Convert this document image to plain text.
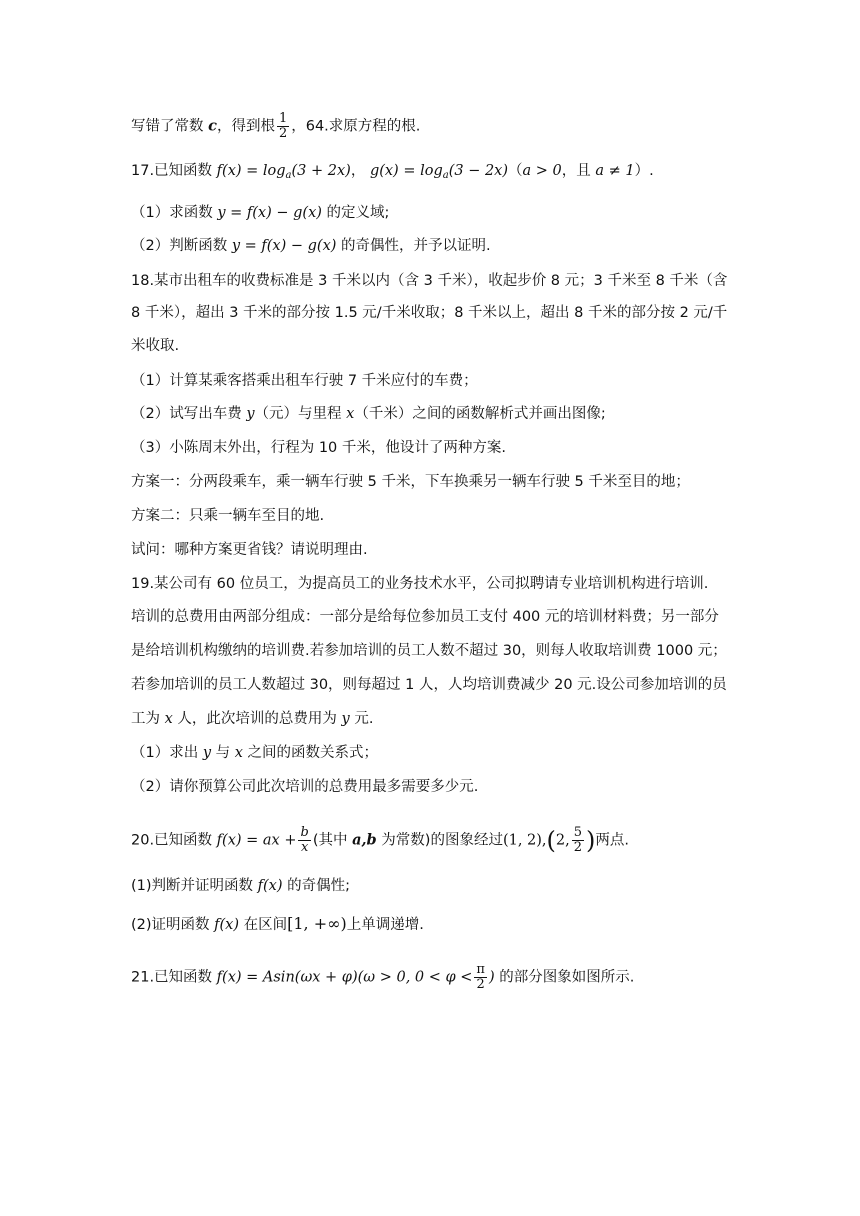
写错了常数 c，得到根 $\frac{1}{2}$ ，64.求原方程的根.
17.已知函数 $f(x) = \log_a(3 + 2x)$， $g(x) = \log_a(3 - 2x)(a > 0$，且 a ≠ 1）.
（1）求函数 y = f(x) − g(x) 的定义域;
（2）判断函数 y = f(x) − g(x) 的奇偶性，并予以证明.
18.某市出租车的收费标准是 3 千米以内（含 3 千米），收起步价 8 元；3 千米至 8 千米（含
8 千米），超出 3 千米的部分按 1.5 元/千米收取；8 千米以上，超出 8 千米的部分按 2 元/千
米收取.
（1）计算某乘客搭乘出租车行驶 7 千米应付的车费；
（2）试写出车费 y（元）与里程 x（千米）之间的函数解析式并画出图像;
（3）小陈周末外出，行程为 10 千米，他设计了两种方案.
方案一：分两段乘车，乘一辆车行驶 5 千米，下车换乘另一辆车行驶 5 千米至目的地；
方案二：只乘一辆车至目的地.
试问：哪种方案更省钱？请说明理由.
19.某公司有 60 位员工，为提高员工的业务技术水平，公司拟聘请专业培训机构进行培训.
培训的总费用由两部分组成：一部分是给每位参加员工支付 400 元的培训材料费；另一部分
是给培训机构缴纳的培训费.若参加培训的员工人数不超过 30，则每人收取培训费 1000 元；
若参加培训的员工人数超过 30，则每超过 1 人，人均培训费减少 20 元.设公司参加培训的员
工为 x 人，此次培训的总费用为 y 元.
（1）求出 y 与 x 之间的函数关系式；
（2）请你预算公司此次培训的总费用最多需要多少元.
20.已知函数 f(x) = ax + $\frac{b}{x}$ (其中 a,b 为常数)的图象经过(1, 2),(2, $\frac{5}{2}$ )两点.
(1)判断并证明函数 f(x) 的奇偶性;
(2)证明函数 f(x) 在区间[1, +∞)上单调递增.
21.已知函数 f(x) = Asin(ωx + φ)(ω > 0, $0 < \varphi < \frac{\pi}{2}$ ) 的部分图象如图所示.
